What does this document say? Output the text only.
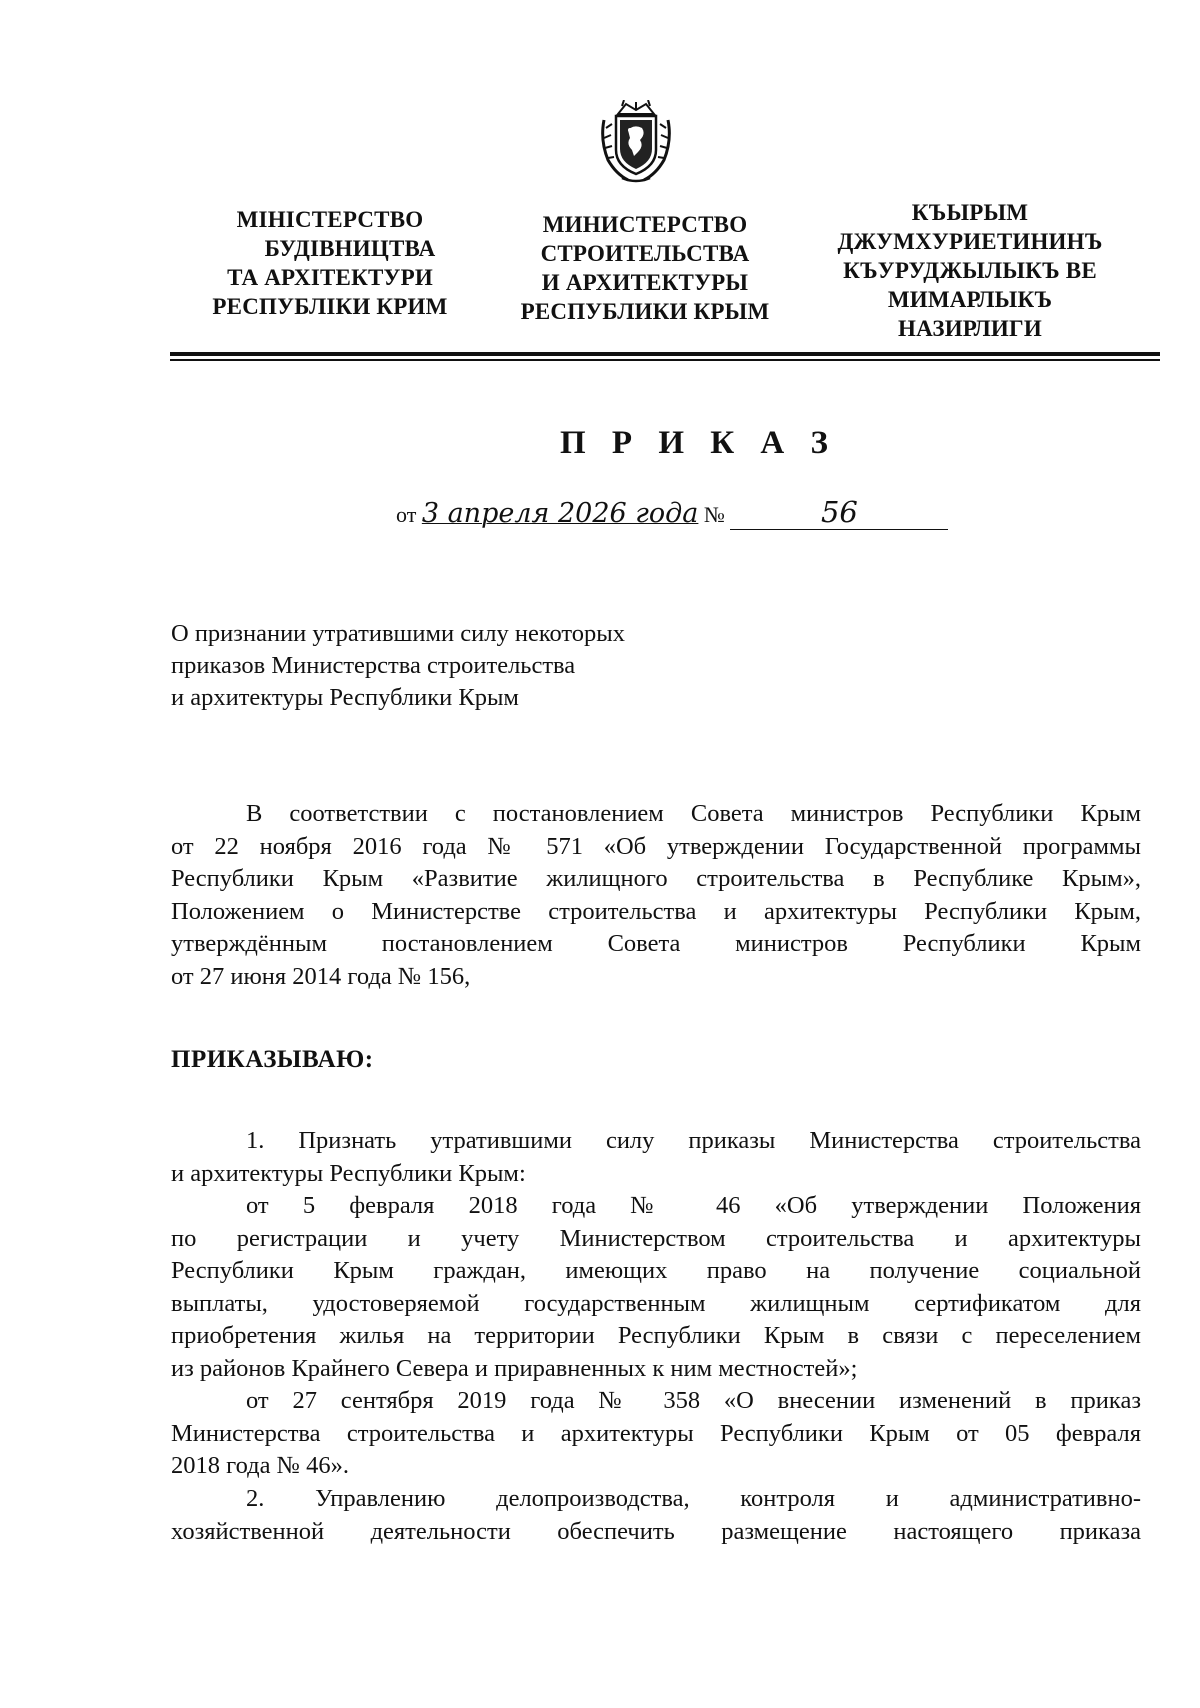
МІНІСТЕРСТВО
БУДІВНИЦТВА
ТА АРХІТЕКТУРИ
РЕСПУБЛІКИ КРИМ
МИНИСТЕРСТВО
СТРОИТЕЛЬСТВА
И АРХИТЕКТУРЫ
РЕСПУБЛИКИ КРЫМ
КЪЫРЫМ
ДЖУМХУРИЕТИНИНЪ
КЪУРУДЖЫЛЫКЪ ВЕ
МИМАРЛЫКЪ
НАЗИРЛИГИ
П Р И К А З
от 3 апреля 2026 года №	56
О признании утратившими силу некоторых
приказов Министерства строительства
и архитектуры Республики Крым
В соответствии с постановлением Совета министров Республики Крым
от 22 ноября 2016 года № 571 «Об утверждении Государственной программы
Республики Крым «Развитие жилищного строительства в Республике Крым»,
Положением о Министерстве строительства и архитектуры Республики Крым,
утверждённым постановлением Совета министров Республики Крым
от 27 июня 2014 года № 156,
ПРИКАЗЫВАЮ:
1. Признать утратившими силу приказы Министерства строительства
и архитектуры Республики Крым:
от 5 февраля 2018 года № 46 «Об утверждении Положения
по регистрации и учету Министерством строительства и архитектуры
Республики Крым граждан, имеющих право на получение социальной
выплаты, удостоверяемой государственным жилищным сертификатом для
приобретения жилья на территории Республики Крым в связи с переселением
из районов Крайнего Севера и приравненных к ним местностей»;
от 27 сентября 2019 года № 358 «О внесении изменений в приказ
Министерства строительства и архитектуры Республики Крым от 05 февраля
2018 года № 46».
2. Управлению делопроизводства, контроля и административно-
хозяйственной деятельности обеспечить размещение настоящего приказа
